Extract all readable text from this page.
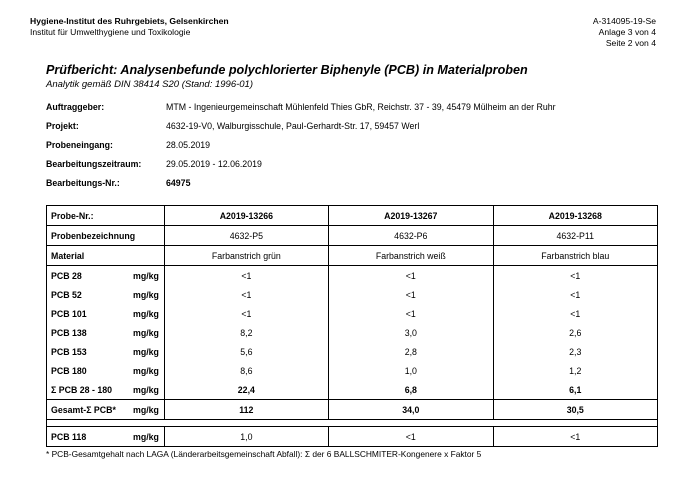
Hygiene-Institut des Ruhrgebiets, Gelsenkirchen
Institut für Umwelthygiene und Toxikologie
A-314095-19-Se
Anlage 3 von 4
Seite 2 von 4
Prüfbericht: Analysenbefunde polychlorierter Biphenyle (PCB) in Materialproben
Analytik gemäß DIN 38414 S20 (Stand: 1996-01)
Auftraggeber:	MTM - Ingenieurgemeinschaft Mühlenfeld Thies GbR, Reichstr. 37 - 39, 45479 Mülheim an der Ruhr
Projekt:	4632-19-V0, Walburgisschule, Paul-Gerhardt-Str. 17, 59457 Werl
Probeneingang:	28.05.2019
Bearbeitungszeitraum:	29.05.2019 - 12.06.2019
Bearbeitungs-Nr.:	64975
Probe-Nr.:	A2019-13266	A2019-13267	A2019-13268
Probenbezeichnung	4632-P5	4632-P6	4632-P11
Material	Farbanstrich grün	Farbanstrich weiß	Farbanstrich blau
PCB 28	mg/kg	<1	<1	<1
PCB 52	mg/kg	<1	<1	<1
PCB 101	mg/kg	<1	<1	<1
PCB 138	mg/kg	8,2	3,0	2,6
PCB 153	mg/kg	5,6	2,8	2,3
PCB 180	mg/kg	8,6	1,0	1,2
Σ PCB 28 - 180	mg/kg	22,4	6,8	6,1
Gesamt-Σ PCB*	mg/kg	112	34,0	30,5
PCB 118	mg/kg	1,0	<1	<1
* PCB-Gesamtgehalt nach LAGA (Länderarbeitsgemeinschaft Abfall): Σ der 6 BALLSCHMITER-Kongenere x Faktor 5
